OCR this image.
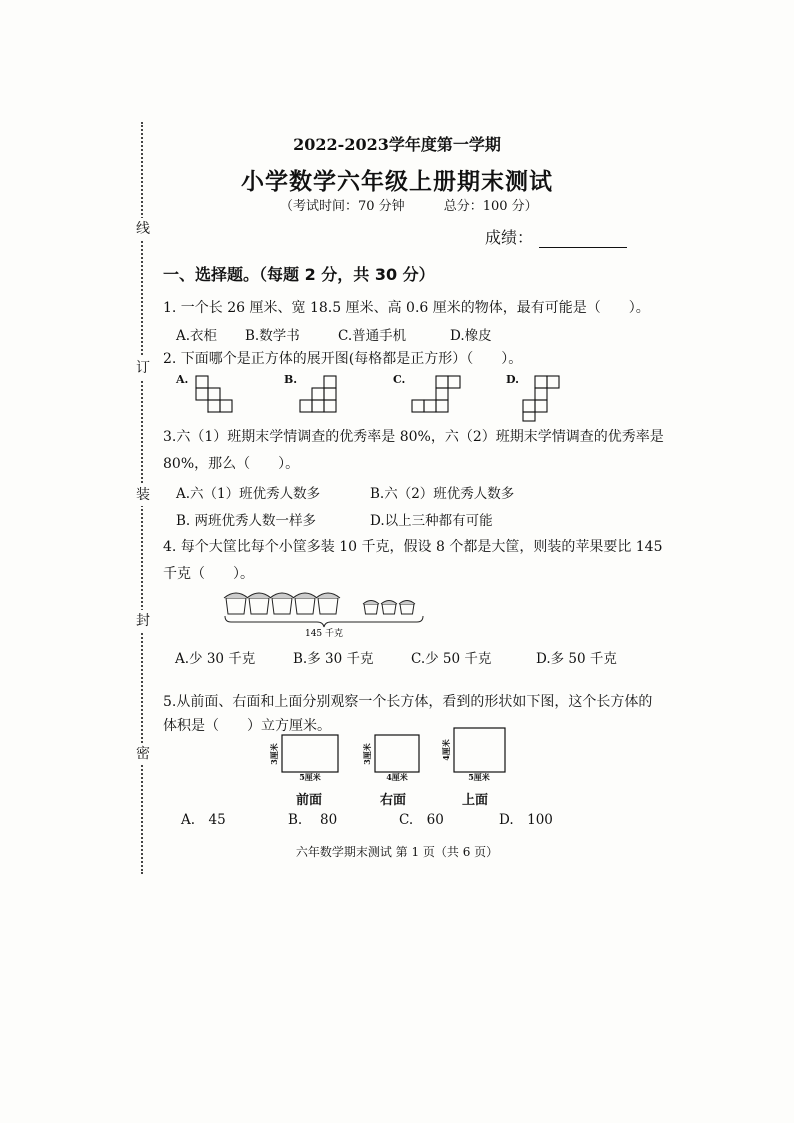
线
订
装
封
密
2022-2023学年度第一学期
小学数学六年级上册期末测试
（考试时间：70 分钟　　　	总分：100 分）
成绩：
一、选择题。（每题 2 分，共 30 分）
1. 一个长 26 厘米、宽 18.5 厘米、高 0.6 厘米的物体，最有可能是（　　）。
A.衣柜 B.数学书	C.普通手机	D.橡皮
2. 下面哪个是正方体的展开图(每格都是正方形）（　　）。
A.	B.	C.	D.
3.六（1）班期末学情调查的优秀率是 80%，六（2）班期末学情调查的优秀率是
80%，那么（　　）。
A.六（1）班优秀人数多	B.六（2）班优秀人数多
B. 两班优秀人数一样多	D.以上三种都有可能
4. 每个大筐比每个小筐多装 10 千克，假设 8 个都是大筐，则装的苹果要比 145
千克（　　）。
145 千克
A.少 30 千克	B.多 30 千克	C.少 50 千克	D.多 50 千克
5.从前面、右面和上面分别观察一个长方体，看到的形状如下图，这个长方体的
体积是（　　）立方厘米。
3厘米
5厘米
3厘米
4厘米
4厘米
5厘米
前面	右面	上面
A.　45	B.　 80	C.　60	D.　100
六年数学期末测试 第 1 页（共 6 页）
